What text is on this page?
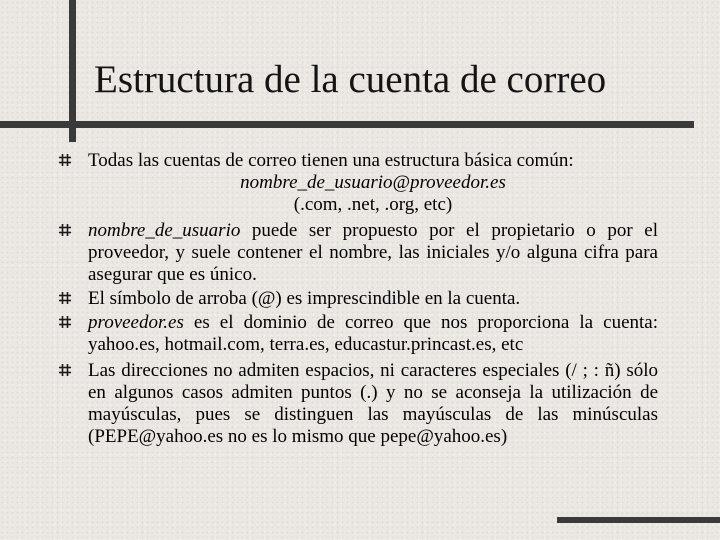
Estructura de la cuenta de correo
Todas las cuentas de correo tienen una estructura básica común:
nombre_de_usuario@proveedor.es
(.com, .net, .org, etc)
nombre_de_usuario puede ser propuesto por el propietario o por el proveedor, y suele contener el nombre, las iniciales y/o alguna cifra para asegurar que es único.
El símbolo de arroba (@) es imprescindible en la cuenta.
proveedor.es es el dominio de correo que nos proporciona la cuenta: yahoo.es, hotmail.com, terra.es, educastur.princast.es, etc
Las direcciones no admiten espacios, ni caracteres especiales (/ ; : ñ) sólo en algunos casos admiten puntos (.) y no se aconseja la utilización de mayúsculas, pues se distinguen las mayúsculas de las minúsculas (PEPE@yahoo.es no es lo mismo que pepe@yahoo.es)
